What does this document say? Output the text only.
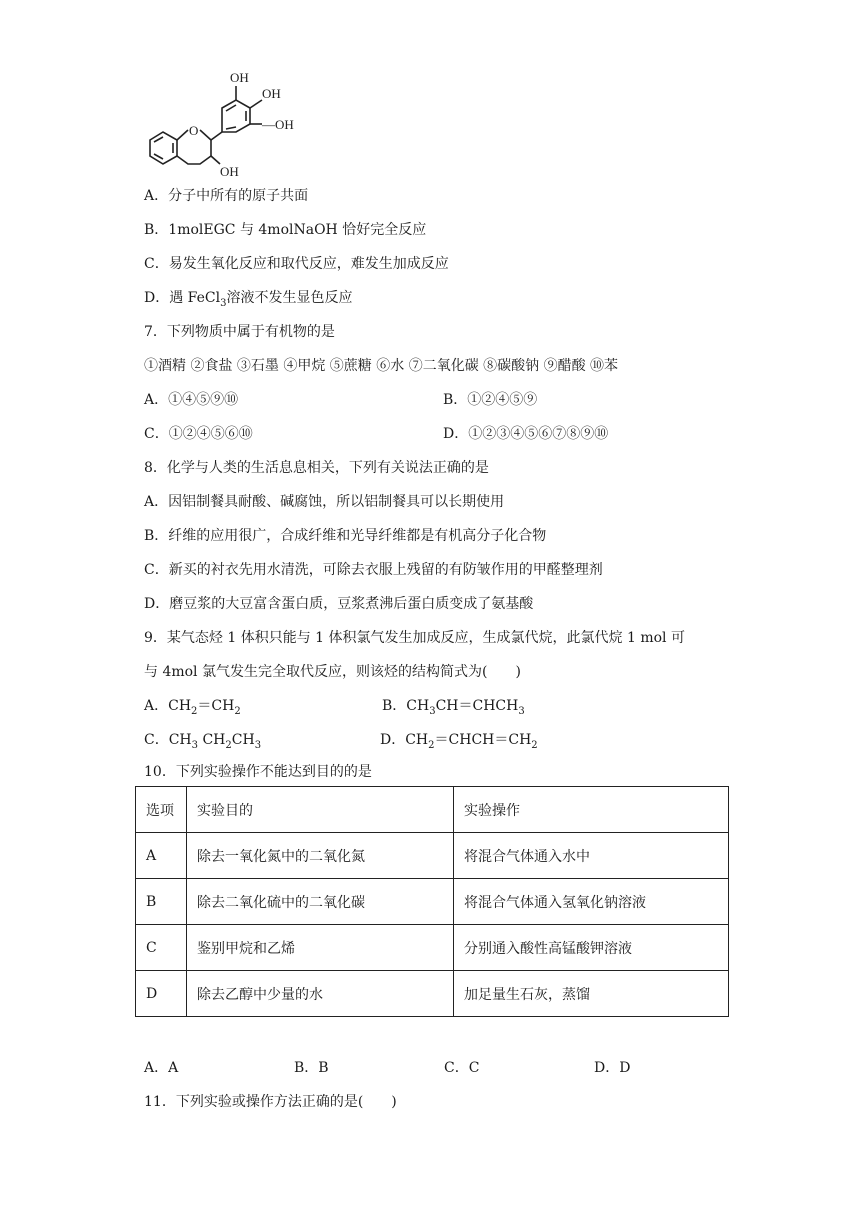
O
OH
OH
—OH
OH
A．分子中所有的原子共面
B．1molEGC 与 4molNaOH 恰好完全反应
C．易发生氧化反应和取代反应，难发生加成反应
D．遇 FeCl$_3$溶液不发生显色反应
7．下列物质中属于有机物的是
①酒精 ②食盐 ③石墨 ④甲烷 ⑤蔗糖 ⑥水 ⑦二氧化碳 ⑧碳酸钠 ⑨醋酸 ⑩苯
A．①④⑤⑨⑩	B．①②④⑤⑨
C．①②④⑤⑥⑩	D．①②③④⑤⑥⑦⑧⑨⑩
8．化学与人类的生活息息相关，下列有关说法正确的是
A．因铝制餐具耐酸、碱腐蚀，所以铝制餐具可以长期使用
B．纤维的应用很广，合成纤维和光导纤维都是有机高分子化合物
C．新买的衬衣先用水清洗，可除去衣服上残留的有防皱作用的甲醛整理剂
D．磨豆浆的大豆富含蛋白质，豆浆煮沸后蛋白质变成了氨基酸
9．某气态烃 1 体积只能与 1 体积氯气发生加成反应，生成氯代烷，此氯代烷 1 mol 可
与 4mol 氯气发生完全取代反应，则该烃的结构简式为(　　)
A．$CH_2=CH_2$	B．$CH_3CH=CHCH_3$
C．$CH_3$ $CH_2CH_3$	D．$CH_2=CHCH=CH_2$
10．下列实验操作不能达到目的的是
选项	实验目的	实验操作
A	除去一氧化氮中的二氧化氮	将混合气体通入水中
B	除去二氧化硫中的二氧化碳	将混合气体通入氢氧化钠溶液
C	鉴别甲烷和乙烯	分别通入酸性高锰酸钾溶液
D	除去乙醇中少量的水	加足量生石灰，蒸馏
A．A	B．B	C．C	D．D
11．下列实验或操作方法正确的是(　　)
